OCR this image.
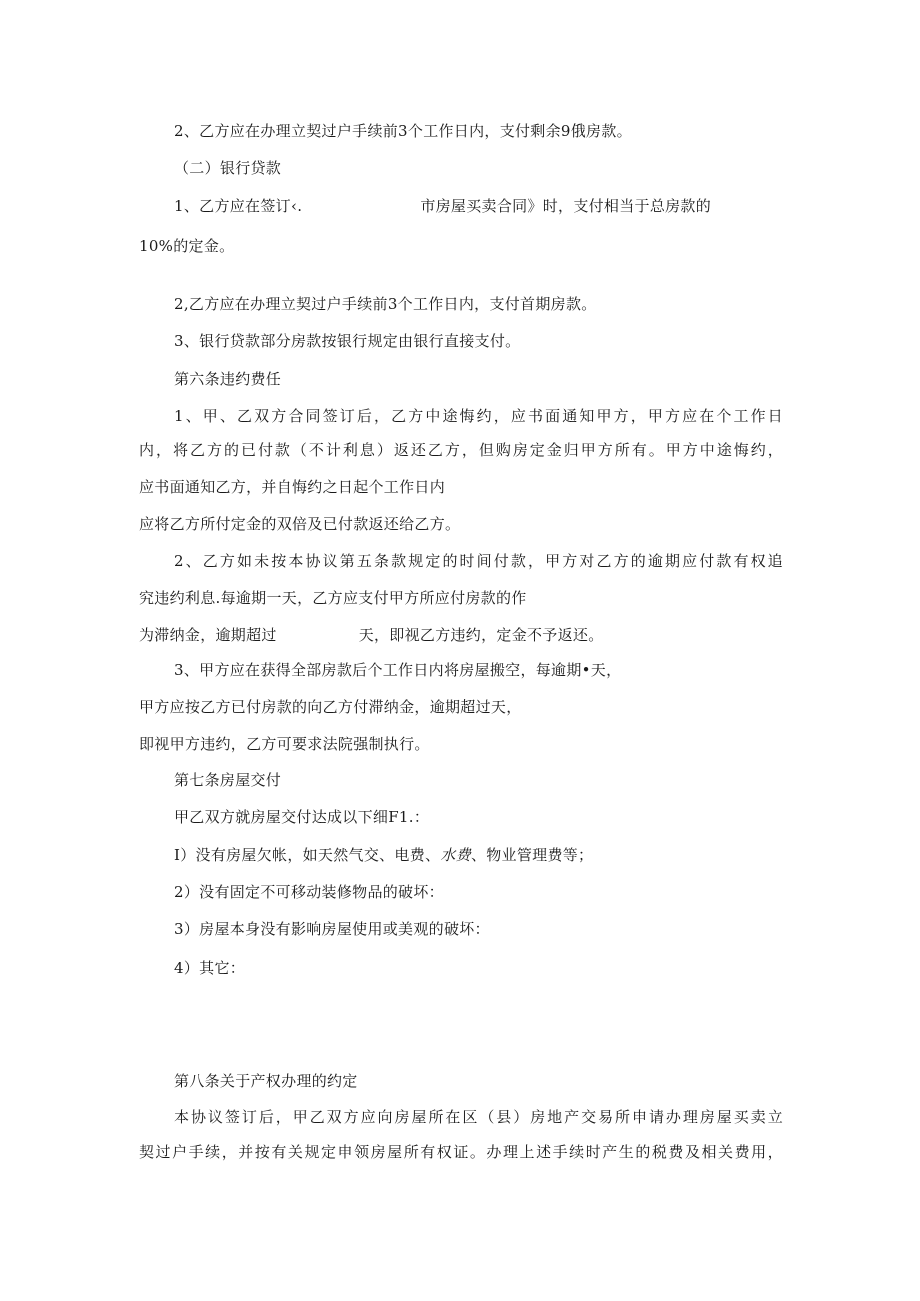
2、乙方应在办理立契过户手续前3个工作日内，支付剩余9俄房款。
（二）银行贷款
1、乙方应在签订‹.	市房屋买卖合同》时，支付相当于总房款的
10%的定金。
2,乙方应在办理立契过户手续前3个工作日内，支付首期房款。
3、银行贷款部分房款按银行规定由银行直接支付。
第六条违约费任
1、甲、乙双方合同签订后，乙方中途悔约，应书面通知甲方，甲方应在个工作日
内，将乙方的已付款（不计利息）返还乙方，但购房定金归甲方所有。甲方中途悔约，
应书面通知乙方，并自悔约之日起个工作日内
应将乙方所付定金的双倍及已付款返还给乙方。
2、乙方如未按本协议第五条款规定的时间付款，甲方对乙方的逾期应付款有权追
究违约利息.每逾期一天，乙方应支付甲方所应付房款的作
为滞纳金，逾期超过	天，即视乙方违约，定金不予返还。
3、甲方应在获得全部房款后个工作日内将房屋搬空，每逾期•天，
甲方应按乙方已付房款的向乙方付滞纳金，逾期超过天，
即视甲方违约，乙方可要求法院强制执行。
第七条房屋交付
甲乙双方就房屋交付达成以下细F1.：
I）没有房屋欠帐，如天然气交、电费、水费、物业管理费等；
2）没有固定不可移动装修物品的破坏：
3）房屋本身没有影响房屋使用或美观的破坏：
4）其它：
第八条关于产权办理的约定
本协议签订后，甲乙双方应向房屋所在区（县）房地产交易所申请办理房屋买卖立
契过户手续，并按有关规定申领房屋所有权证。办理上述手续时产生的税费及相关费用，
